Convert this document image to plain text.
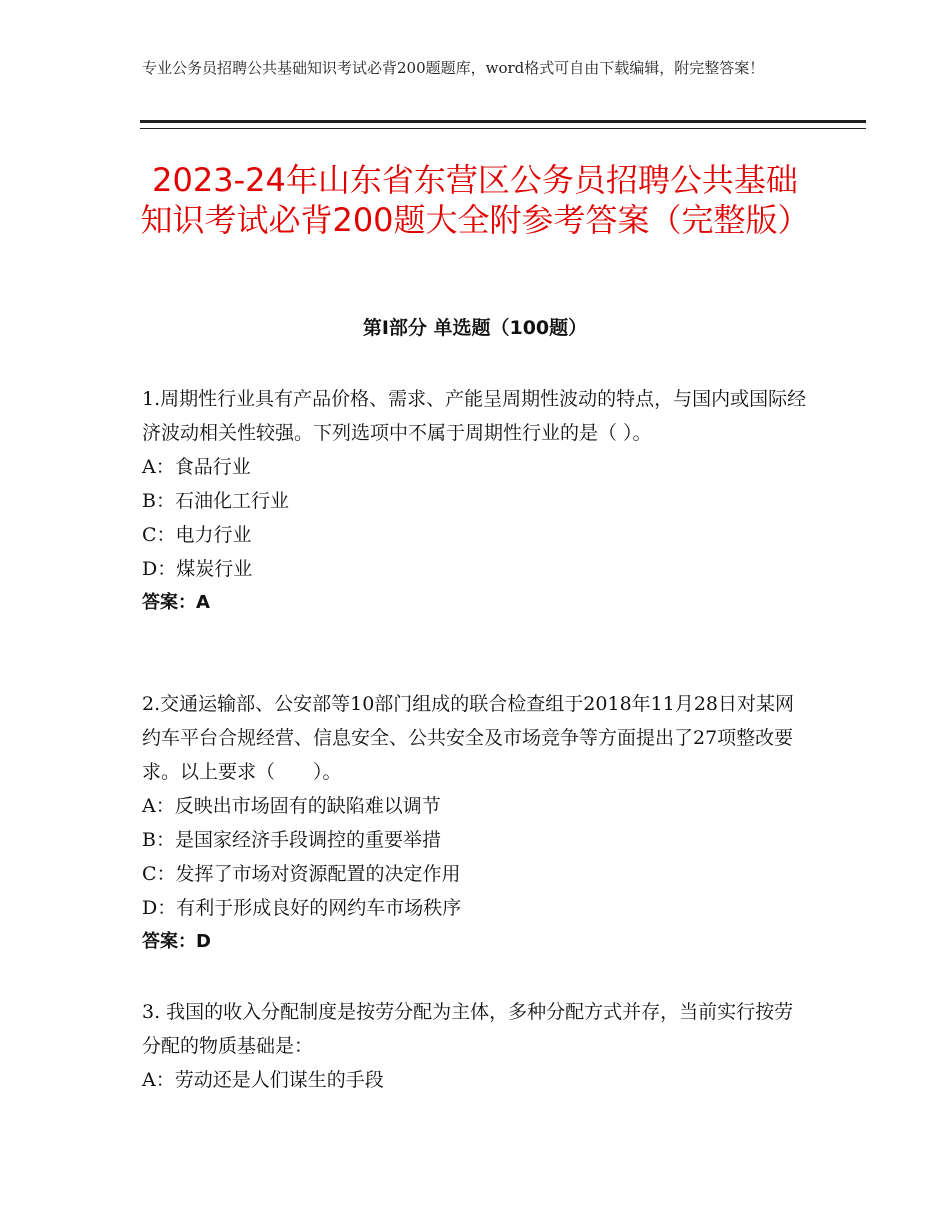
专业公务员招聘公共基础知识考试必背200题题库，word格式可自由下载编辑，附完整答案！
2023-24年山东省东营区公务员招聘公共基础知识考试必背200题大全附参考答案（完整版）
第Ⅰ部分 单选题（100题）
1.周期性行业具有产品价格、需求、产能呈周期性波动的特点，与国内或国际经济波动相关性较强。下列选项中不属于周期性行业的是（ ）。
A：食品行业
B：石油化工行业
C：电力行业
D：煤炭行业
答案：A
2.交通运输部、公安部等10部门组成的联合检查组于2018年11月28日对某网约车平台合规经营、信息安全、公共安全及市场竞争等方面提出了27项整改要求。以上要求（　　）。
A：反映出市场固有的缺陷难以调节
B：是国家经济手段调控的重要举措
C：发挥了市场对资源配置的决定作用
D：有利于形成良好的网约车市场秩序
答案：D
3. 我国的收入分配制度是按劳分配为主体，多种分配方式并存，当前实行按劳分配的物质基础是：
A：劳动还是人们谋生的手段
